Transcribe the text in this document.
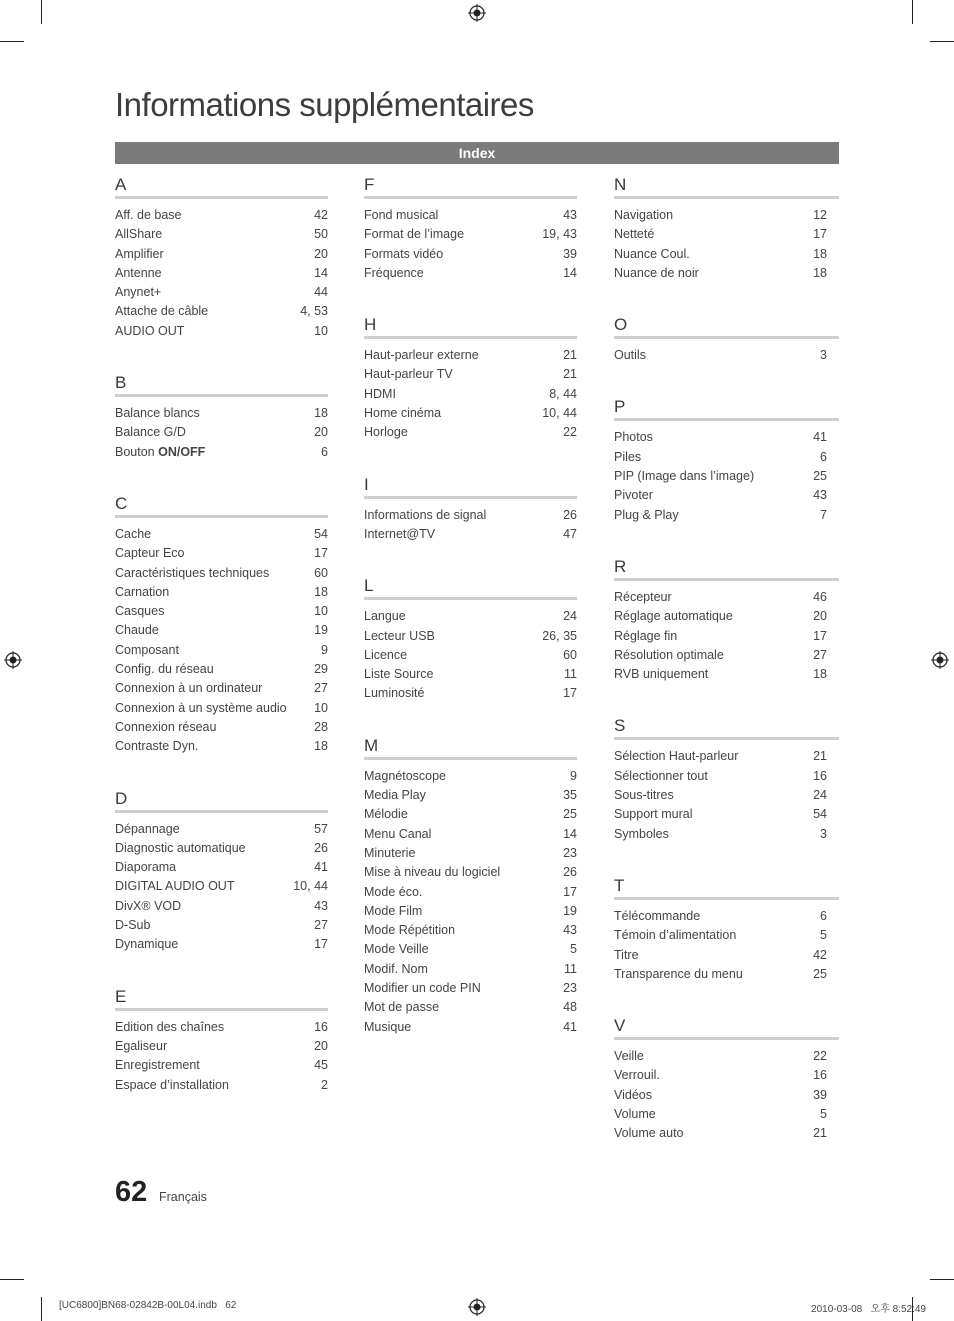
Informations supplémentaires
Index
A
Aff. de base	42
AllShare	50
Amplifier	20
Antenne	14
Anynet+	44
Attache de câble	4, 53
AUDIO OUT	10
B
Balance blancs	18
Balance G/D	20
Bouton ON/OFF	6
C
Cache	54
Capteur Eco	17
Caractéristiques techniques	60
Carnation	18
Casques	10
Chaude	19
Composant	9
Config. du réseau	29
Connexion à un ordinateur	27
Connexion à un système audio 10
Connexion réseau	28
Contraste Dyn.	18
D
Dépannage	57
Diagnostic automatique	26
Diaporama	41
DIGITAL AUDIO OUT	10, 44
DivX® VOD	43
D-Sub	27
Dynamique	17
E
Edition des chaînes	16
Egaliseur	20
Enregistrement	45
Espace d’installation	2
F
Fond musical	43
Format de l’image	19, 43
Formats vidéo	39
Fréquence	14
H
Haut-parleur externe	21
Haut-parleur TV	21
HDMI	8, 44
Home cinéma	10, 44
Horloge	22
I
Informations de signal	26
Internet@TV	47
L
Langue	24
Lecteur USB	26, 35
Licence	60
Liste Source	11
Luminosité	17
M
Magnétoscope	9
Media Play	35
Mélodie	25
Menu Canal	14
Minuterie	23
Mise à niveau du logiciel	26
Mode éco.	17
Mode Film	19
Mode Répétition	43
Mode Veille	5
Modif. Nom	11
Modifier un code PIN	23
Mot de passe	48
Musique	41
N
Navigation	12
Netteté	17
Nuance Coul.	18
Nuance de noir	18
O
Outils	3
P
Photos	41
Piles	6
PIP (Image dans l’image)	25
Pivoter	43
Plug & Play	7
R
Récepteur	46
Réglage automatique	20
Réglage fin	17
Résolution optimale	27
RVB uniquement	18
S
Sélection Haut-parleur	21
Sélectionner tout	16
Sous-titres	24
Support mural	54
Symboles	3
T
Télécommande	6
Témoin d’alimentation	5
Titre	42
Transparence du menu	25
V
Veille	22
Verrouil.	16
Vidéos	39
Volume	5
Volume auto	21
62 Français
[UC6800]BN68-02842B-00L04.indb   62	2010-03-08   오후 8:52:49
